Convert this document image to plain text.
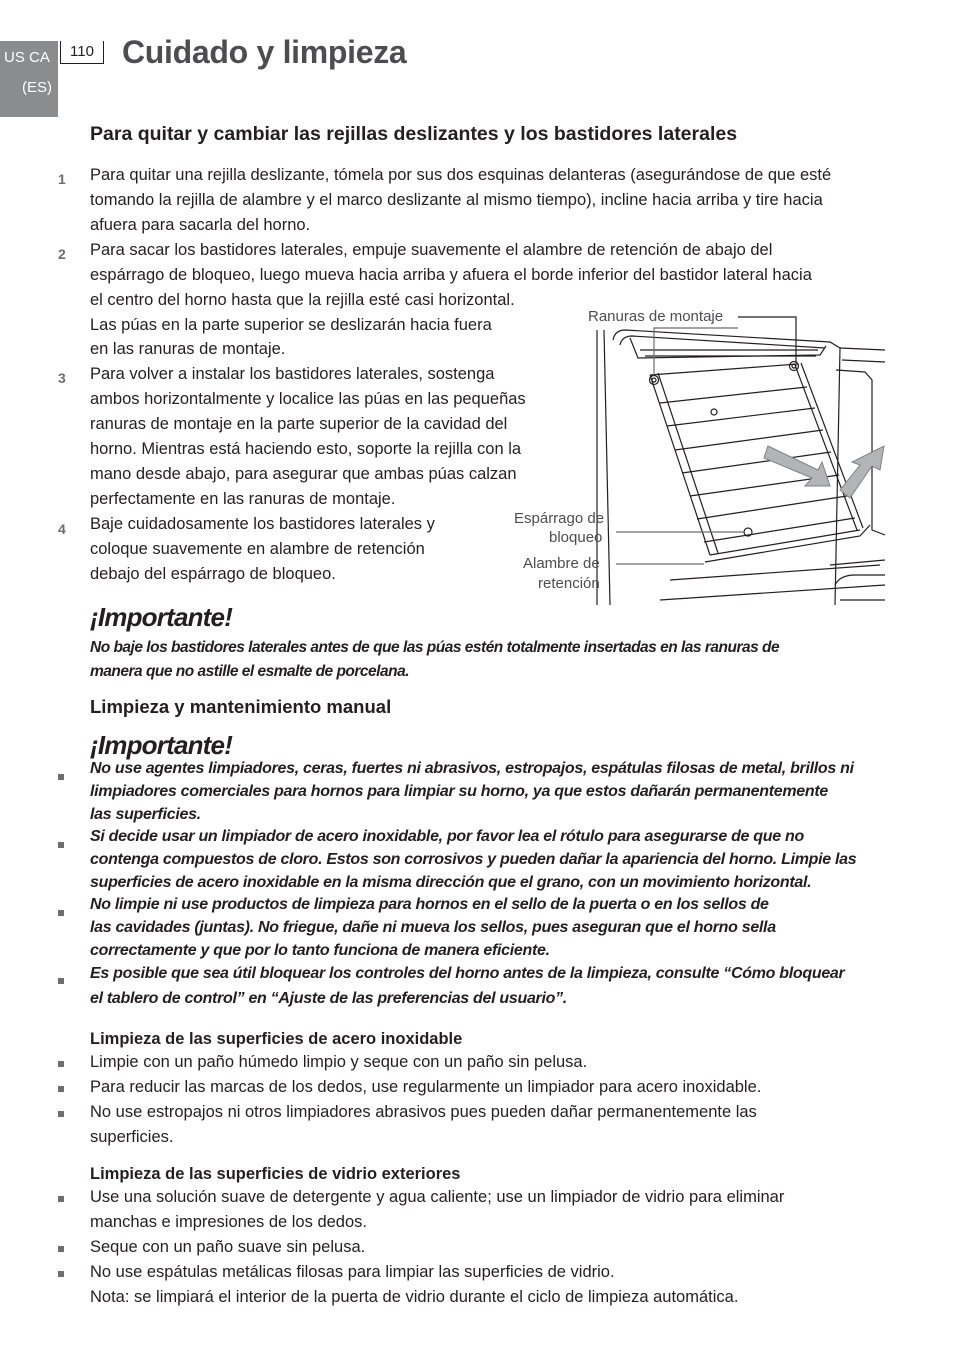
US CA
(ES)
110 Cuidado y limpieza
Para quitar y cambiar las rejillas deslizantes y los bastidores laterales
1
2
3
4
Para quitar una rejilla deslizante, tómela por sus dos esquinas delanteras (asegurándose de que esté
tomando la rejilla de alambre y el marco deslizante al mismo tiempo), incline hacia arriba y tire hacia
afuera para sacarla del horno.
Para sacar los bastidores laterales, empuje suavemente el alambre de retención de abajo del
espárrago de bloqueo, luego mueva hacia arriba y afuera el borde inferior del bastidor lateral hacia
el centro del horno hasta que la rejilla esté casi horizontal.
Las púas en la parte superior se deslizarán hacia fuera
en las ranuras de montaje.
Para volver a instalar los bastidores laterales, sostenga
ambos horizontalmente y localice las púas en las pequeñas
ranuras de montaje en la parte superior de la cavidad del
horno. Mientras está haciendo esto, soporte la rejilla con la
mano desde abajo, para asegurar que ambas púas calzan
perfectamente en las ranuras de montaje.
Baje cuidadosamente los bastidores laterales y
coloque suavemente en alambre de retención
debajo del espárrago de bloqueo.
Ranuras de montaje
Espárrago de
bloqueo
Alambre de
retención
¡Importante!
No baje los bastidores laterales antes de que las púas estén totalmente insertadas en las ranuras de
manera que no astille el esmalte de porcelana.
Limpieza y mantenimiento manual
¡Importante!
No use agentes limpiadores, ceras, fuertes ni abrasivos, estropajos, espátulas filosas de metal, brillos ni
limpiadores comerciales para hornos para limpiar su horno, ya que estos dañarán permanentemente
las superficies.
Si decide usar un limpiador de acero inoxidable, por favor lea el rótulo para asegurarse de que no
contenga compuestos de cloro. Estos son corrosivos y pueden dañar la apariencia del horno. Limpie las
superficies de acero inoxidable en la misma dirección que el grano, con un movimiento horizontal.
No limpie ni use productos de limpieza para hornos en el sello de la puerta o en los sellos de
las cavidades (juntas). No friegue, dañe ni mueva los sellos, pues aseguran que el horno sella
correctamente y que por lo tanto funciona de manera eficiente.
Es posible que sea útil bloquear los controles del horno antes de la limpieza, consulte “Cómo bloquear
el tablero de control” en “Ajuste de las preferencias del usuario”.
Limpieza de las superficies de acero inoxidable
Limpie con un paño húmedo limpio y seque con un paño sin pelusa.
Para reducir las marcas de los dedos, use regularmente un limpiador para acero inoxidable.
No use estropajos ni otros limpiadores abrasivos pues pueden dañar permanentemente las
superficies.
Limpieza de las superficies de vidrio exteriores
Use una solución suave de detergente y agua caliente; use un limpiador de vidrio para eliminar
manchas e impresiones de los dedos.
Seque con un paño suave sin pelusa.
No use espátulas metálicas filosas para limpiar las superficies de vidrio.
Nota: se limpiará el interior de la puerta de vidrio durante el ciclo de limpieza automática.
